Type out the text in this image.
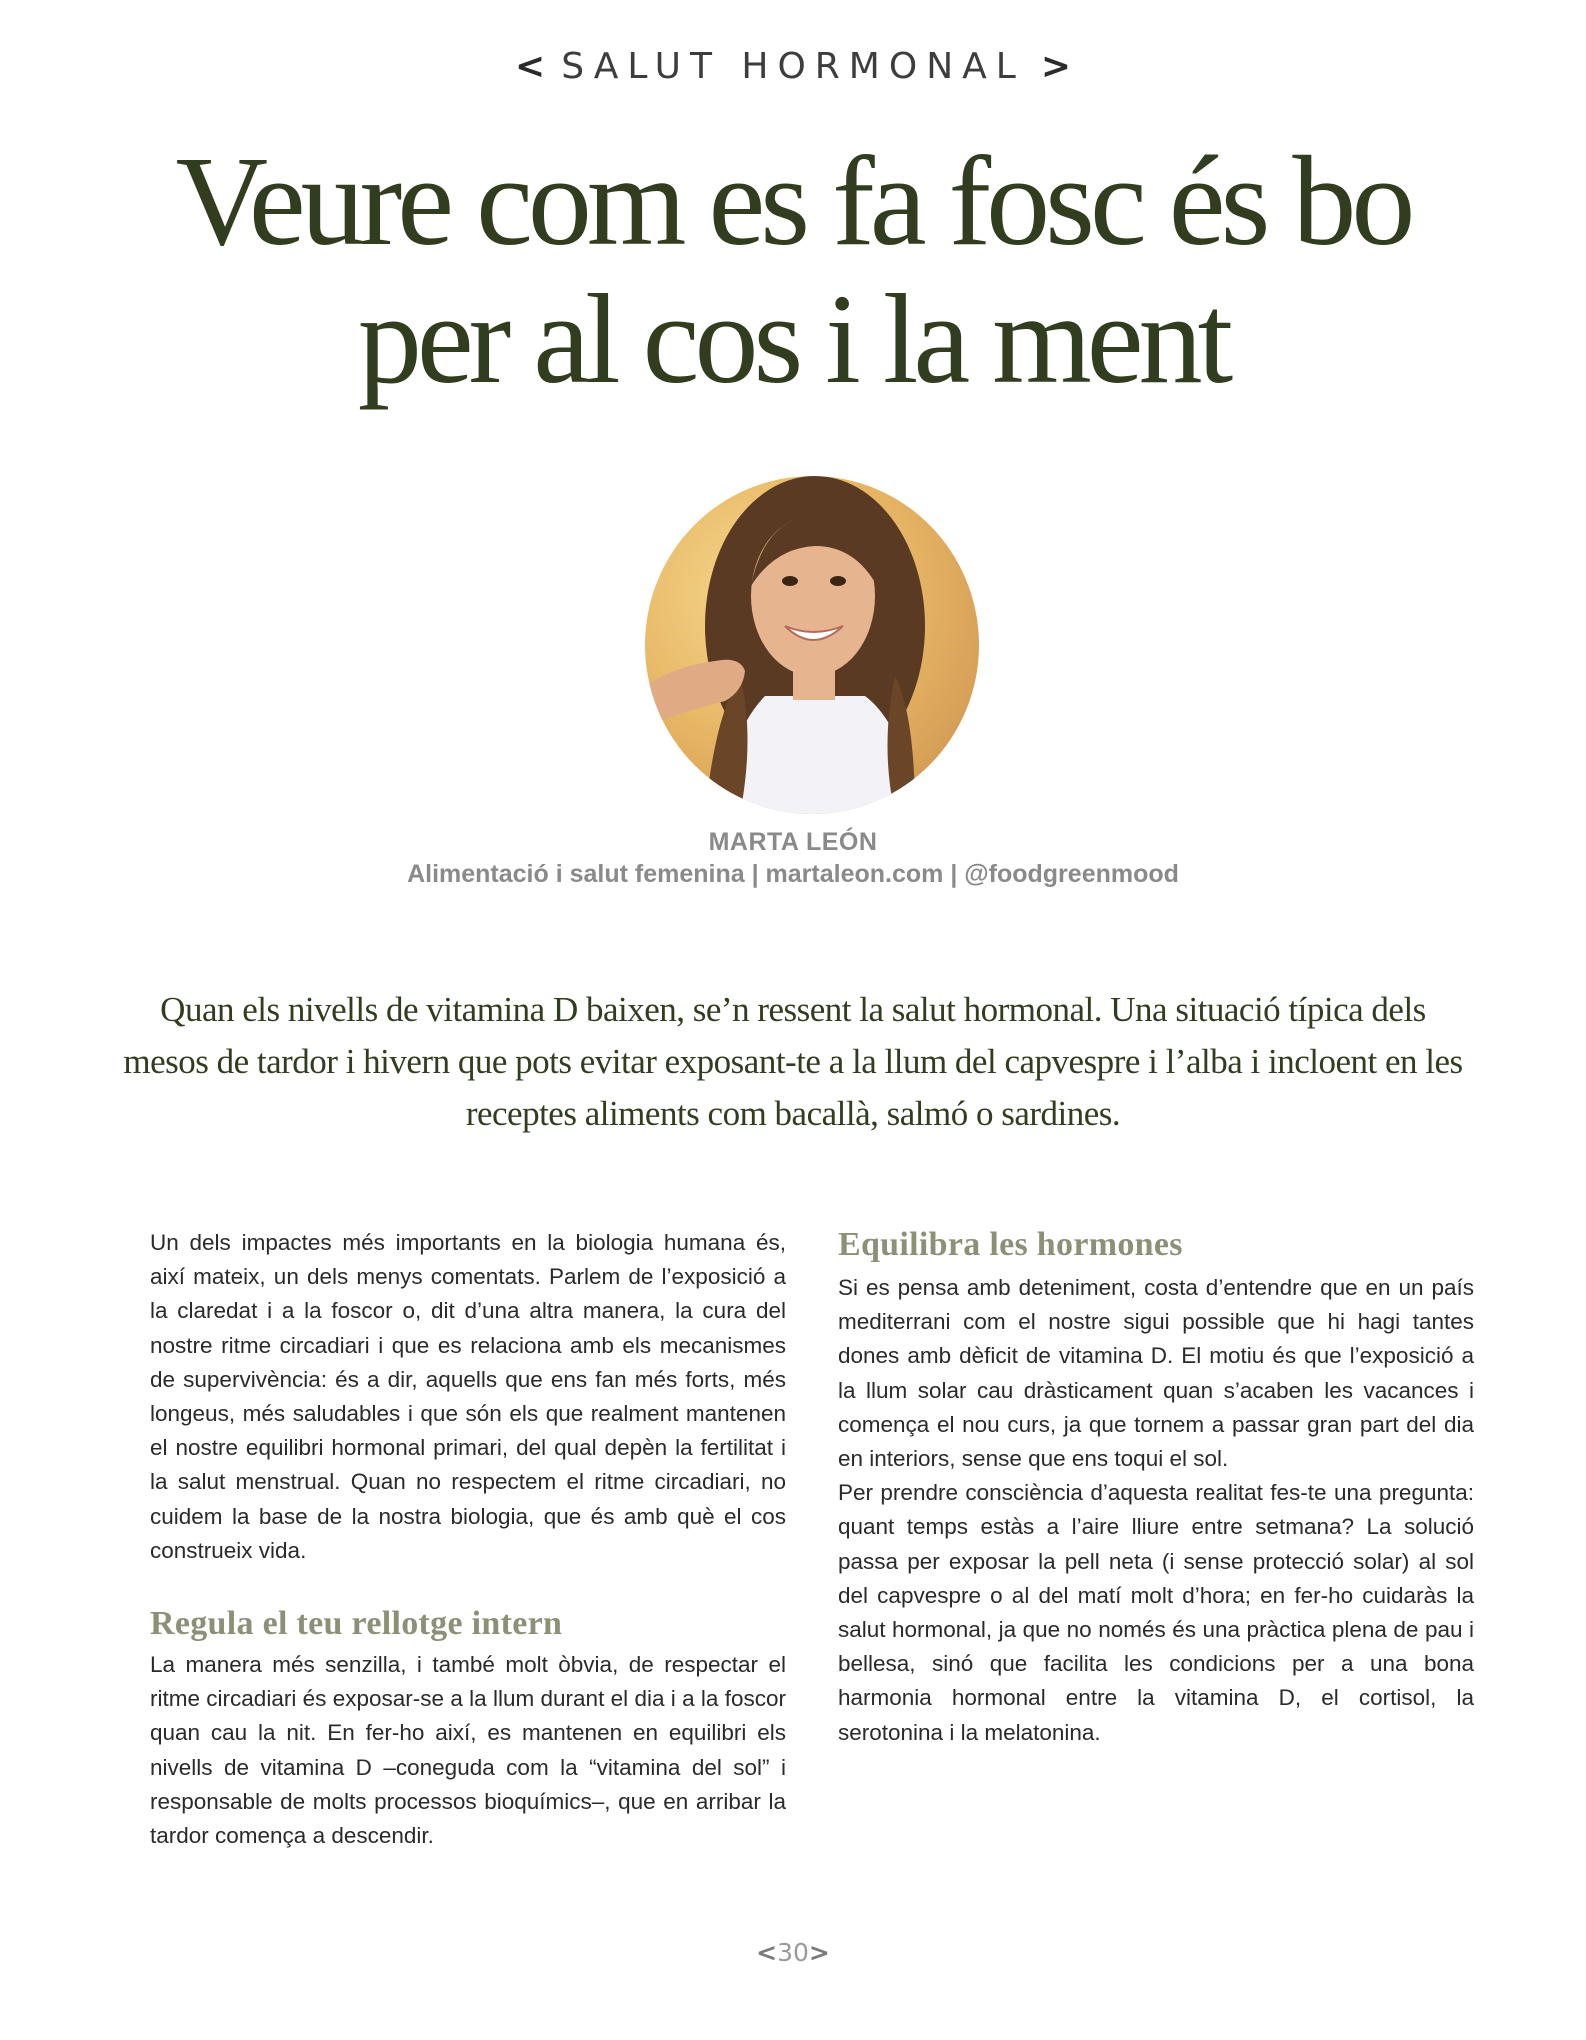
< SALUT HORMONAL >
Veure com es fa fosc és bo
per al cos i la ment
MARTA LEÓN
Alimentació i salut femenina | martaleon.com | @foodgreenmood
Quan els nivells de vitamina D baixen, se’n ressent la salut hormonal. Una situació típica dels mesos de tardor i hivern que pots evitar exposant-te a la llum del capvespre i l’alba i incloent en les receptes aliments com bacallà, salmó o sardines.

Un dels impactes més importants en la biologia humana és, així mateix, un dels menys comentats. Parlem de l’exposició a la claredat i a la foscor o, dit d’una altra manera, la cura del nostre ritme circadiari i que es relaciona amb els mecanismes de supervivència: és a dir, aquells que ens fan més forts, més longeus, més saludables i que són els que realment mantenen el nostre equilibri hormonal primari, del qual depèn la fertilitat i la salut menstrual. Quan no respectem el ritme circadiari, no cuidem la base de la nostra biologia, que és amb què el cos construeix vida.

Regula el teu rellotge intern

La manera més senzilla, i també molt òbvia, de respectar el ritme circadiari és exposar-se a la llum durant el dia i a la foscor quan cau la nit. En fer-ho així, es mantenen en equilibri els nivells de vitamina D –coneguda com la “vitamina del sol” i responsable de molts processos bioquímics–, que en arribar la tardor comença a descendir.

Equilibra les hormones

Si es pensa amb deteniment, costa d’entendre que en un país mediterrani com el nostre sigui possible que hi hagi tantes dones amb dèficit de vitamina D. El motiu és que l’exposició a la llum solar cau dràsticament quan s’acaben les vacances i comença el nou curs, ja que tornem a passar gran part del dia en interiors, sense que ens toqui el sol.

Per prendre consciència d’aquesta realitat fes-te una pregunta: quant temps estàs a l’aire lliure entre setmana? La solució passa per exposar la pell neta (i sense protecció solar) al sol del capvespre o al del matí molt d’hora; en fer-ho cuidaràs la salut hormonal, ja que no només és una pràctica plena de pau i bellesa, sinó que facilita les condicions per a una bona harmonia hormonal entre la vitamina D, el cortisol, la serotonina i la melatonina.

<30>
